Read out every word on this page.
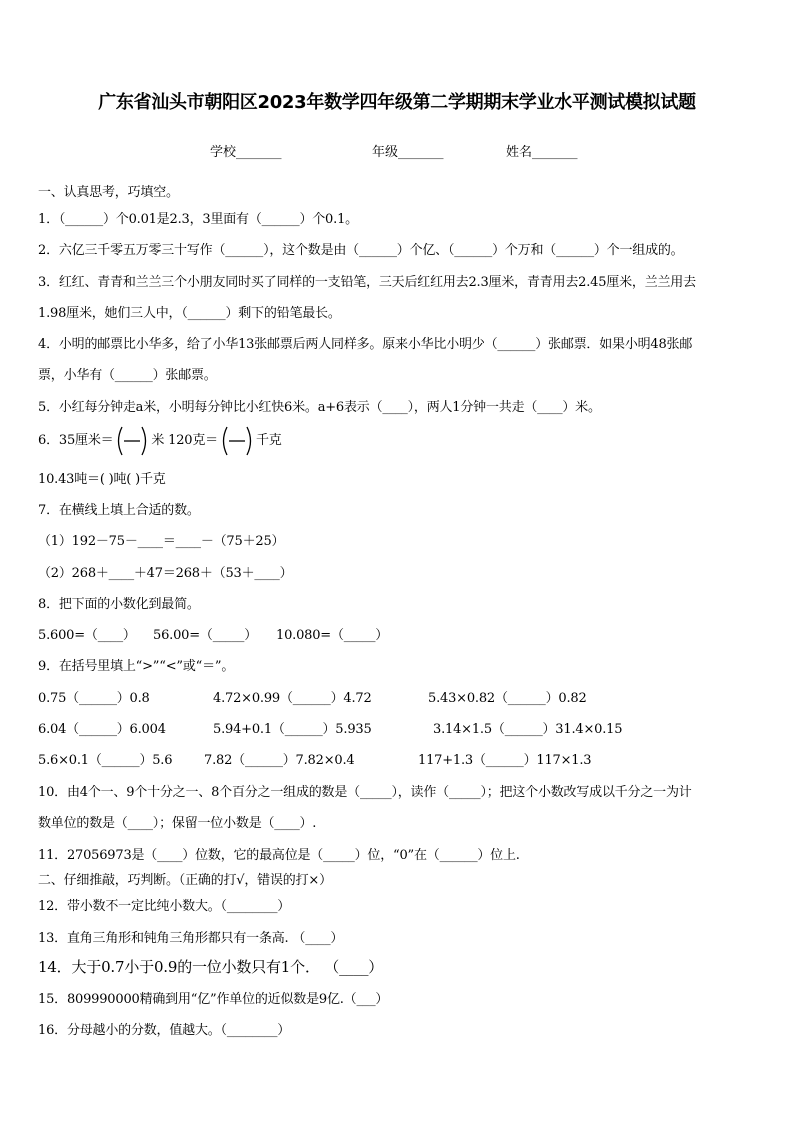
广东省汕头市朝阳区2023年数学四年级第二学期期末学业水平测试模拟试题
学校_______	年级_______	姓名_______
一、认真思考，巧填空。
1．（______）个0.01是2.3，3里面有（______）个0.1。
2．六亿三千零五万零三十写作（______），这个数是由（______）个亿、（______）个万和（______）个一组成的。
3．红红、青青和兰兰三个小朋友同时买了同样的一支铅笔，三天后红红用去2.3厘米，青青用去2.45厘米，兰兰用去
1.98厘米，她们三人中，（______）剩下的铅笔最长。
4．小明的邮票比小华多，给了小华13张邮票后两人同样多。原来小华比小明少（______）张邮票．如果小明48张邮
票，小华有（______）张邮票。
5．小红每分钟走a米，小明每分钟比小红快6米。a+6表示（____），两人1分钟一共走（____）米。
6．35厘米＝	米 120克＝	千克
10.43吨＝( )吨( )千克
7．在横线上填上合适的数。
（1）192－75－____＝____－（75＋25）
（2）268＋____＋47＝268＋（53＋____）
8．把下面的小数化到最简。
5.600=（____） 56.00=（_____） 10.080=（_____）
9．在括号里填上“>”“<”或“＝”。
0.75（______）0.8	4.72×0.99（______）4.72	5.43×0.82（______）0.82
6.04（______）6.004	5.94+0.1（______）5.935	3.14×1.5（______）31.4×0.15
5.6×0.1（______）5.6 7.82（______）7.82×0.4	117+1.3（______）117×1.3
10．由4个一、9个十分之一、8个百分之一组成的数是（_____），读作（_____）；把这个小数改写成以千分之一为计
数单位的数是（____）；保留一位小数是（____）.
11．27056973是（____）位数，它的最高位是（_____）位，“0”在（______）位上.
二、仔细推敲，巧判断。（正确的打√，错误的打×）
12．带小数不一定比纯小数大。（________）
13．直角三角形和钝角三角形都只有一条高. （____）
14．大于0.7小于0.9的一位小数只有1个． （____）
15．809990000精确到用“亿”作单位的近似数是9亿.（___）
16．分母越小的分数，值越大。（________）
